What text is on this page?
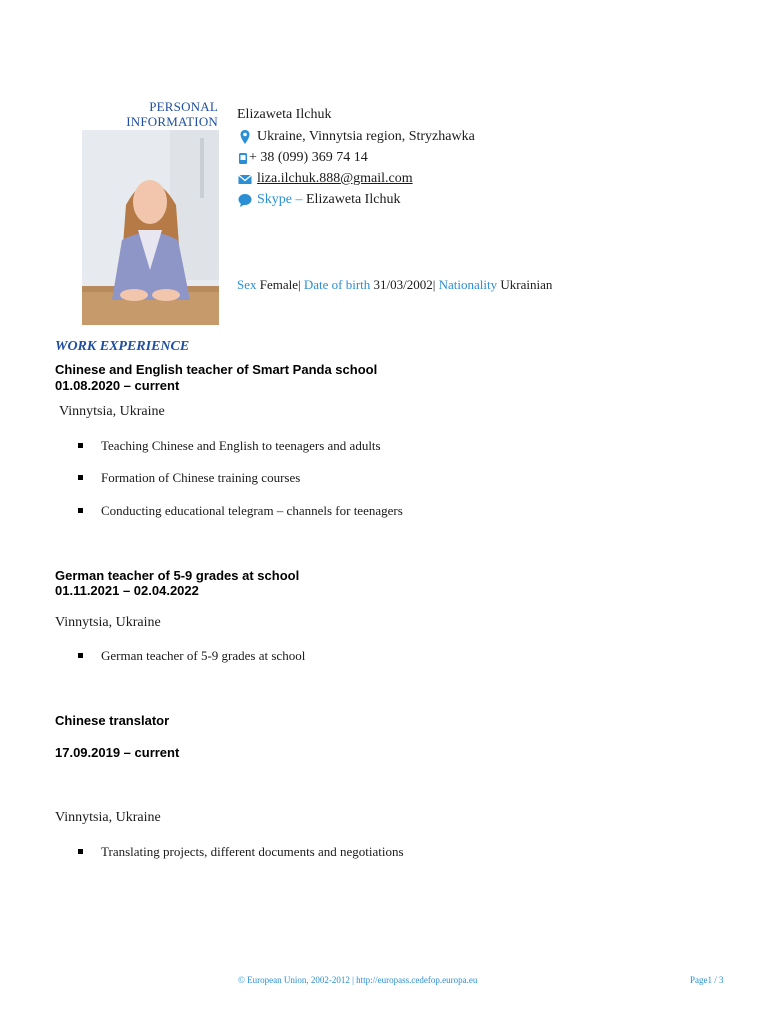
PERSONAL INFORMATION Elizaweta Ilchuk
Ukraine, Vinnytsia region, Stryzhawka
+ 38 (099) 369 74 14
liza.ilchuk.888@gmail.com
Skype –
Elizaweta Ilchuk
Sex Female| Date of birth 31/03/2002| Nationality Ukrainian
WORK EXPERIENCE
Chinese and English teacher of Smart Panda school
01.08.2020 – current
Vinnytsia, Ukraine
Teaching Chinese and English to teenagers and adults
Formation of Chinese training courses
Conducting educational telegram – channels for teenagers
German teacher of 5-9 grades at school
01.11.2021 – 02.04.2022
Vinnytsia, Ukraine
German teacher of 5-9 grades at school
Chinese translator
17.09.2019 – current
Vinnytsia, Ukraine
Translating projects, different documents and negotiations
© European Union, 2002-2012 | http://europass.cedefop.europa.eu	Page1 / 3
